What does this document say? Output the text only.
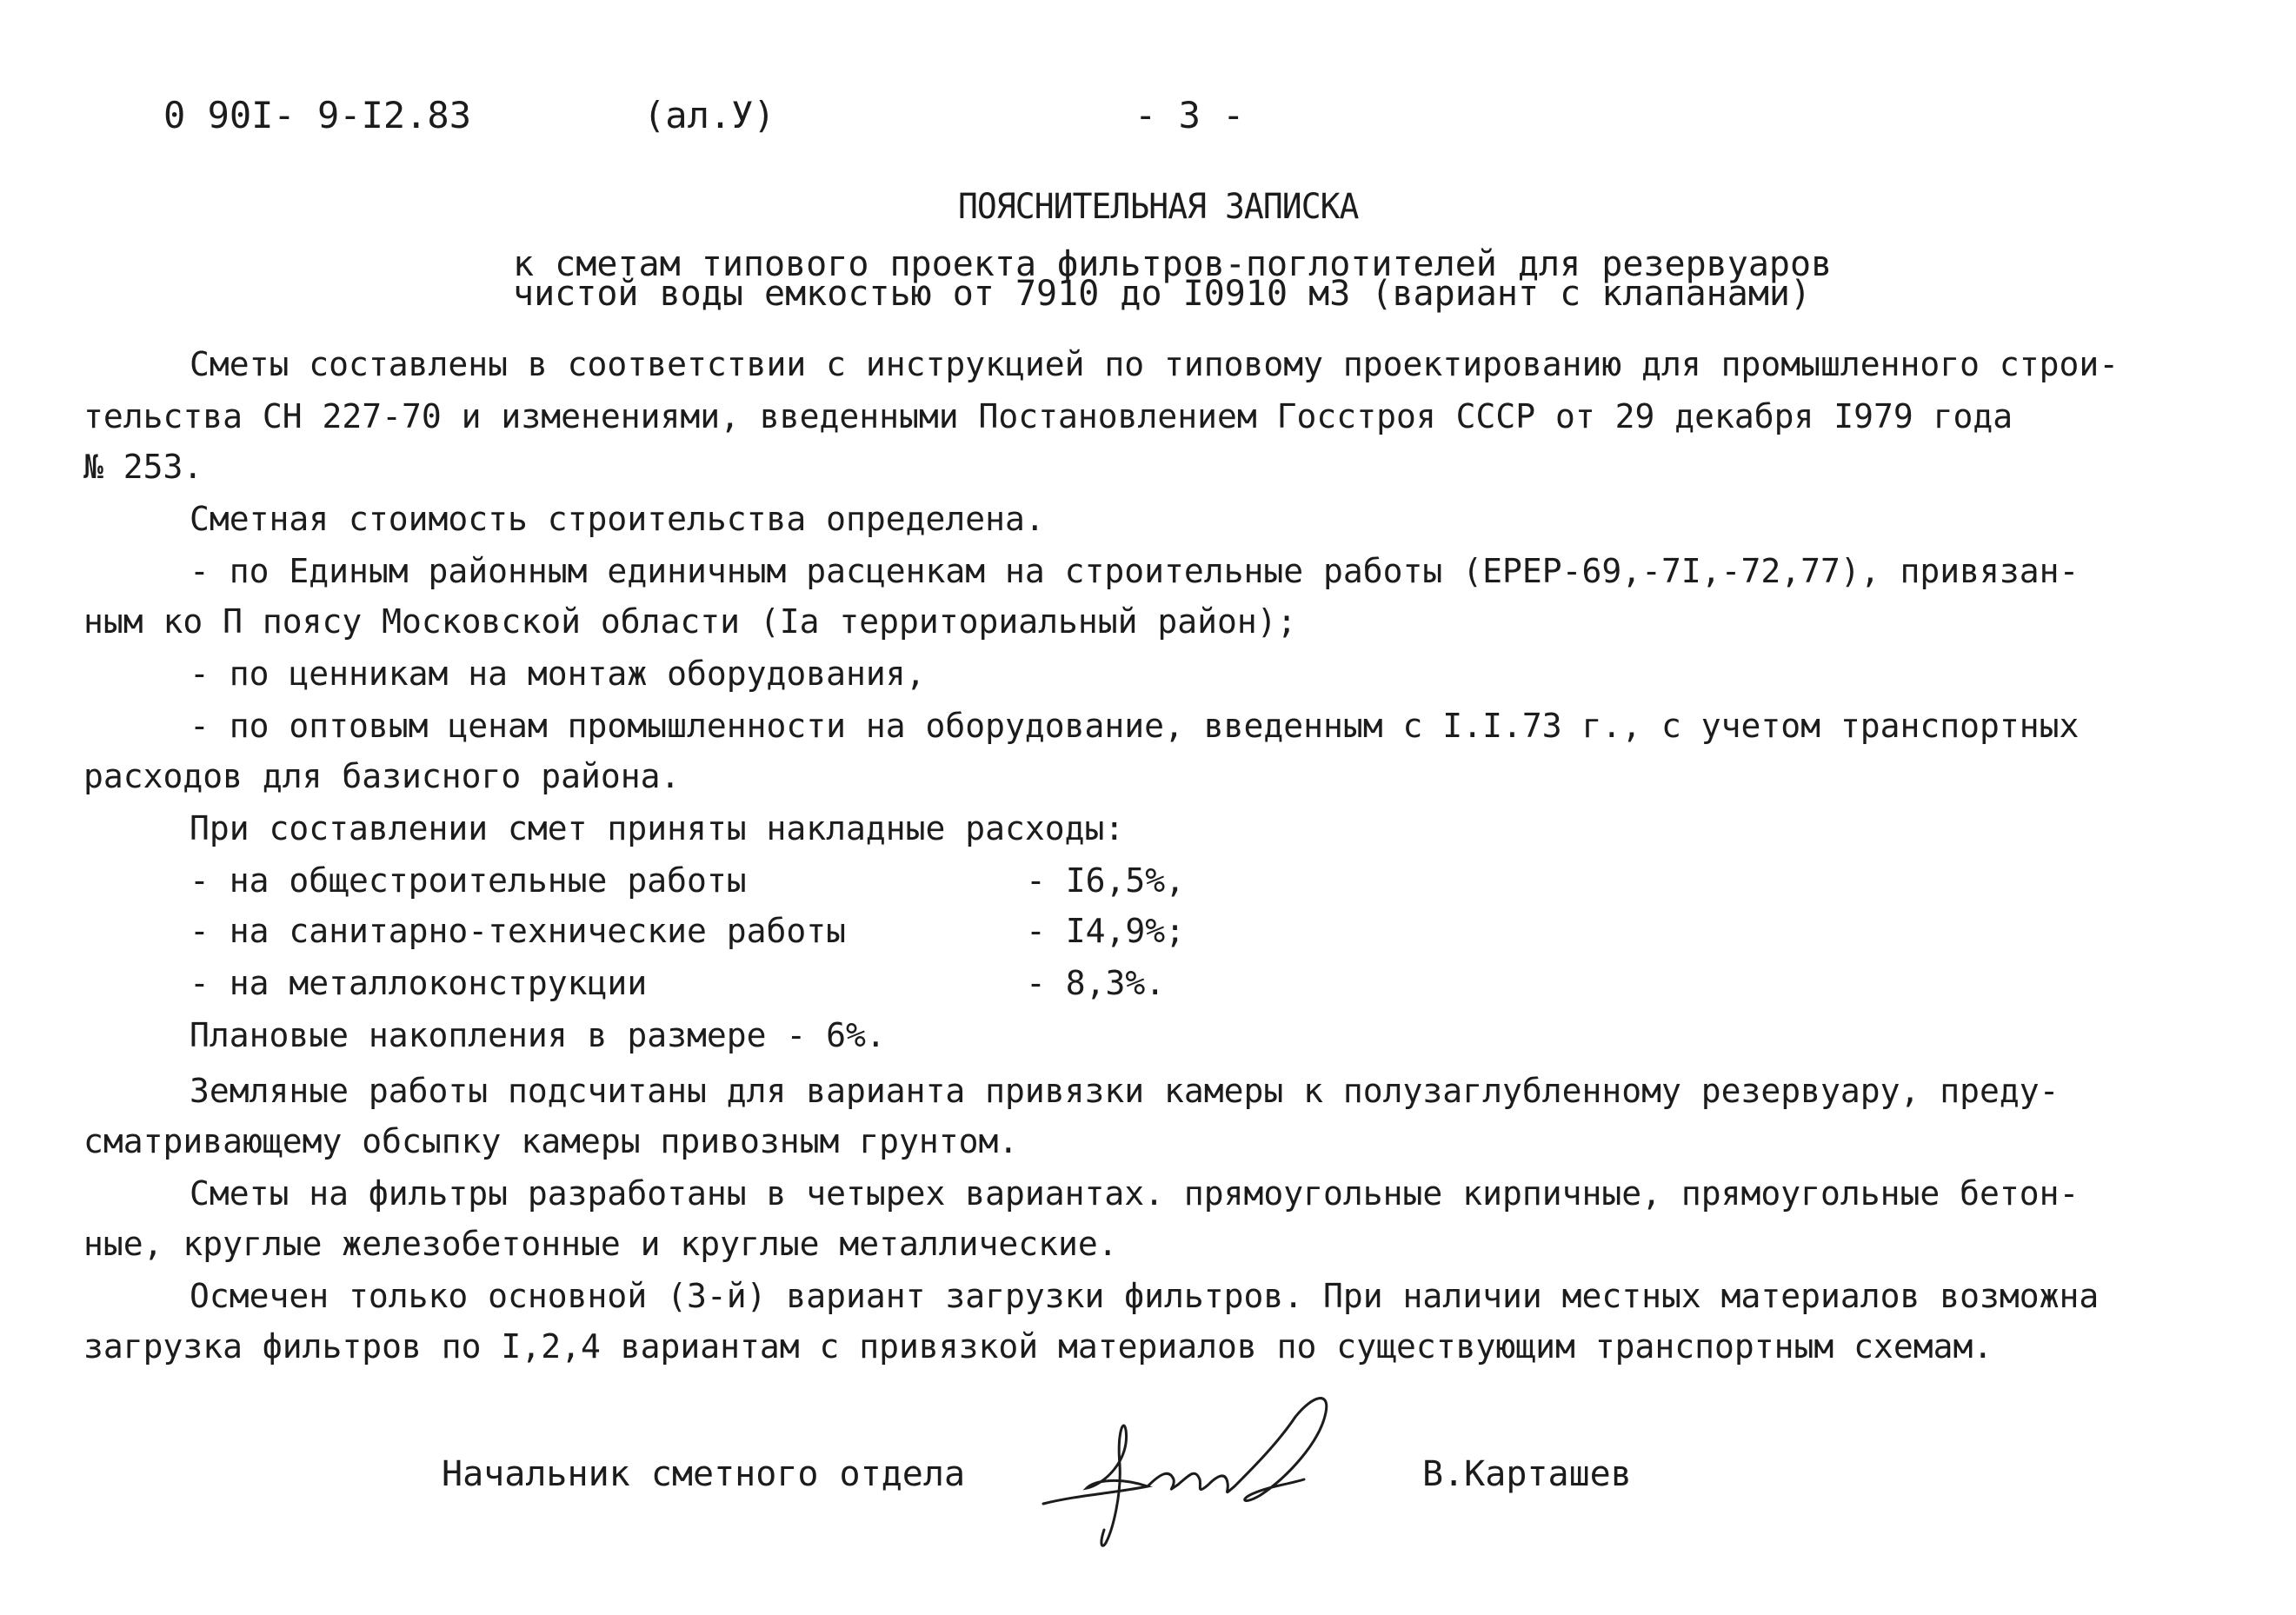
0 90I- 9-I2.83	(ал.У)	- 3 -
ПОЯСНИТЕЛЬНАЯ ЗАПИСКА
к сметам типового проекта фильтров-поглотителей для резервуаров
чистой воды емкостью от 7910 до I0910 м3 (вариант с клапанами)
Сметы составлены в соответствии с инструкцией по типовому проектированию для промышленного строи-
тельства СН 227-70 и изменениями, введенными Постановлением Госстроя СССР от 29 декабря I979 года
№ 253.
Сметная стоимость строительства определена.
- по Единым районным единичным расценкам на строительные работы (ЕРЕР-69,-7I,-72,77), привязан-
ным ко П поясу Московской области (Iа территориальный район);
- по ценникам на монтаж оборудования,
- по оптовым ценам промышленности на оборудование, введенным с I.I.73 г., с учетом транспортных
расходов для базисного района.
При составлении смет приняты накладные расходы:
- на общестроительные работы	- I6,5%,
- на санитарно-технические работы	- I4,9%;
- на металлоконструкции	- 8,3%.
Плановые накопления в размере - 6%.
Земляные работы подсчитаны для варианта привязки камеры к полузаглубленному резервуару, преду-
сматривающему обсыпку камеры привозным грунтом.
Сметы на фильтры разработаны в четырех вариантах. прямоугольные кирпичные, прямоугольные бетон-
ные, круглые железобетонные и круглые металлические.
Осмечен только основной (3-й) вариант загрузки фильтров. При наличии местных материалов возможна
загрузка фильтров по I,2,4 вариантам с привязкой материалов по существующим транспортным схемам.
Начальник сметного отдела	В.Карташев
